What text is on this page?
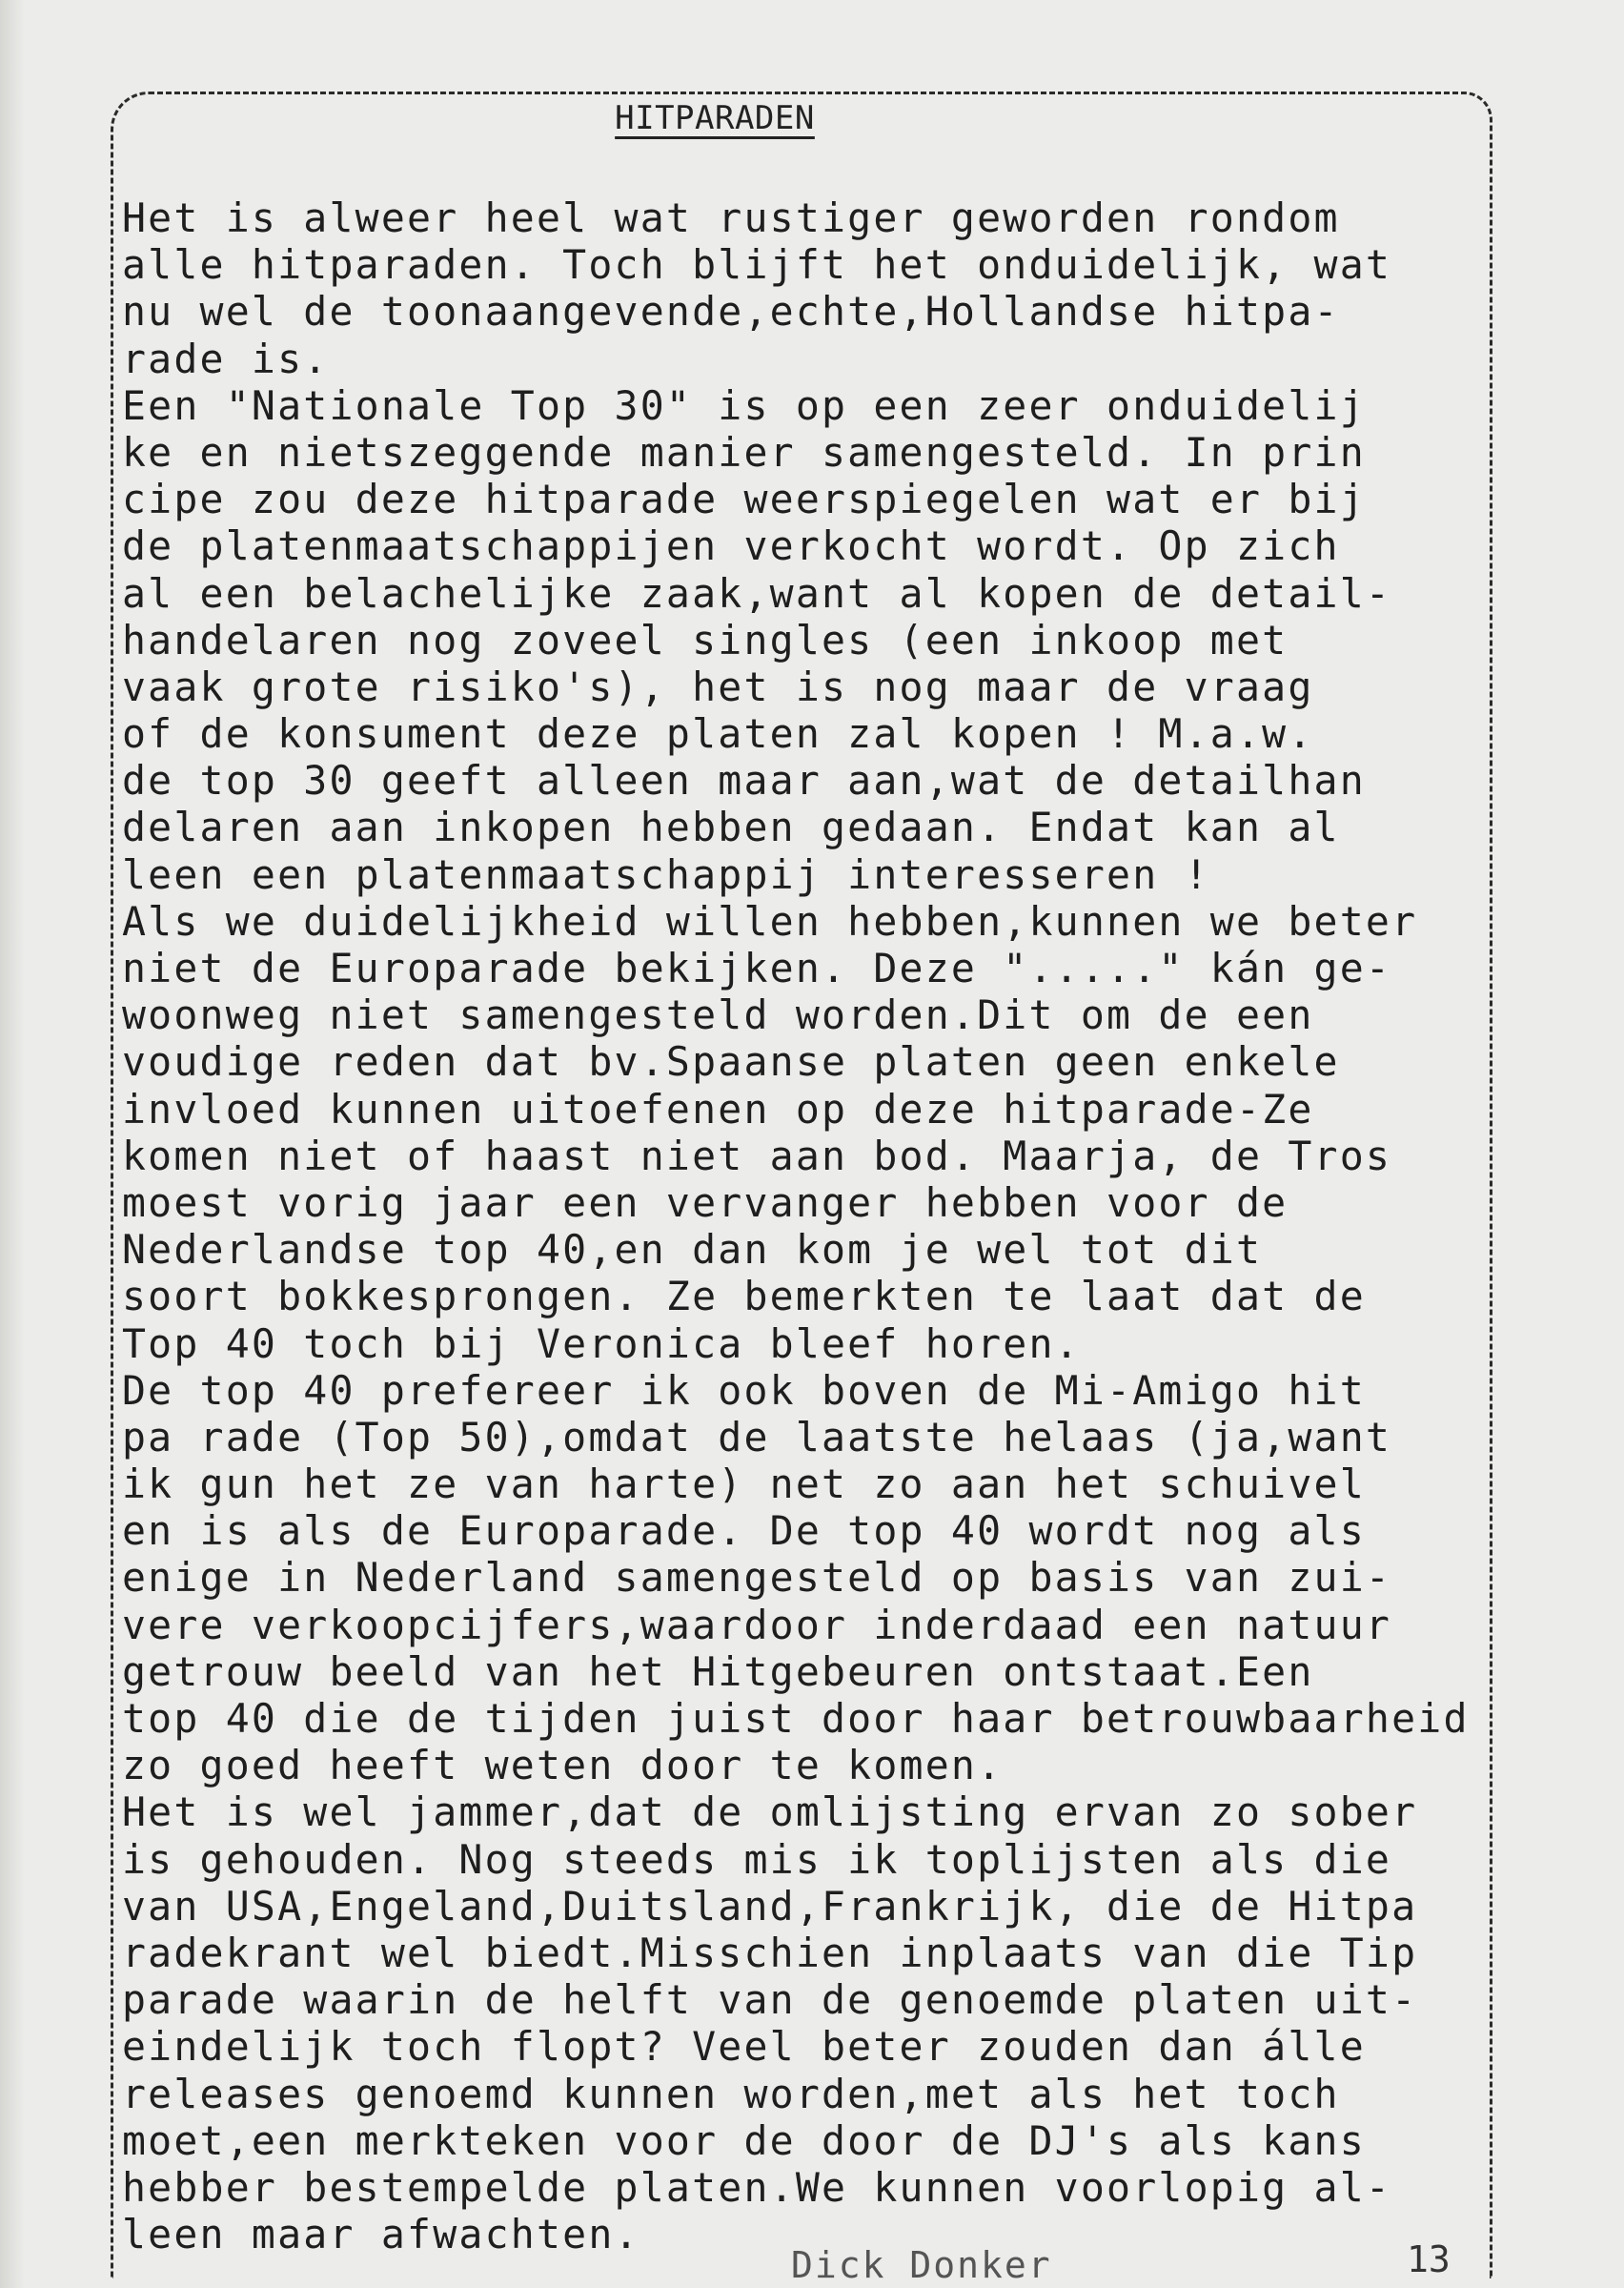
HITPARADEN
Het is alweer heel wat rustiger geworden rondom
alle hitparaden. Toch blijft het onduidelijk, wat
nu wel de toonaangevende,echte,Hollandse hitpa-
rade is.
Een "Nationale Top 30" is op een zeer onduidelij
ke en nietszeggende manier samengesteld. In prin
cipe zou deze hitparade weerspiegelen wat er bij
de platenmaatschappijen verkocht wordt. Op zich
al een belachelijke zaak,want al kopen de detail-
handelaren nog zoveel singles (een inkoop met
vaak grote risiko's), het is nog maar de vraag
of de konsument deze platen zal kopen ! M.a.w.
de top 30 geeft alleen maar aan,wat de detailhan
delaren aan inkopen hebben gedaan. Endat kan al
leen een platenmaatschappij interesseren !
Als we duidelijkheid willen hebben,kunnen we beter
niet de Europarade bekijken. Deze "....." kán ge-
woonweg niet samengesteld worden.Dit om de een
voudige reden dat bv.Spaanse platen geen enkele
invloed kunnen uitoefenen op deze hitparade-Ze
komen niet of haast niet aan bod. Maarja, de Tros
moest vorig jaar een vervanger hebben voor de
Nederlandse top 40,en dan kom je wel tot dit
soort bokkesprongen. Ze bemerkten te laat dat de
Top 40 toch bij Veronica bleef horen.
De top 40 prefereer ik ook boven de Mi-Amigo hit
pa rade (Top 50),omdat de laatste helaas (ja,want
ik gun het ze van harte) net zo aan het schuivel
en is als de Europarade. De top 40 wordt nog als
enige in Nederland samengesteld op basis van zui-
vere verkoopcijfers,waardoor inderdaad een natuur
getrouw beeld van het Hitgebeuren ontstaat.Een
top 40 die de tijden juist door haar betrouwbaarheid
zo goed heeft weten door te komen.
Het is wel jammer,dat de omlijsting ervan zo sober
is gehouden. Nog steeds mis ik toplijsten als die
van USA,Engeland,Duitsland,Frankrijk, die de Hitpa
radekrant wel biedt.Misschien inplaats van die Tip
parade waarin de helft van de genoemde platen uit-
eindelijk toch flopt? Veel beter zouden dan álle
releases genoemd kunnen worden,met als het toch
moet,een merkteken voor de door de DJ's als kans
hebber bestempelde platen.We kunnen voorlopig al-
leen maar afwachten.
Dick Donker	13
